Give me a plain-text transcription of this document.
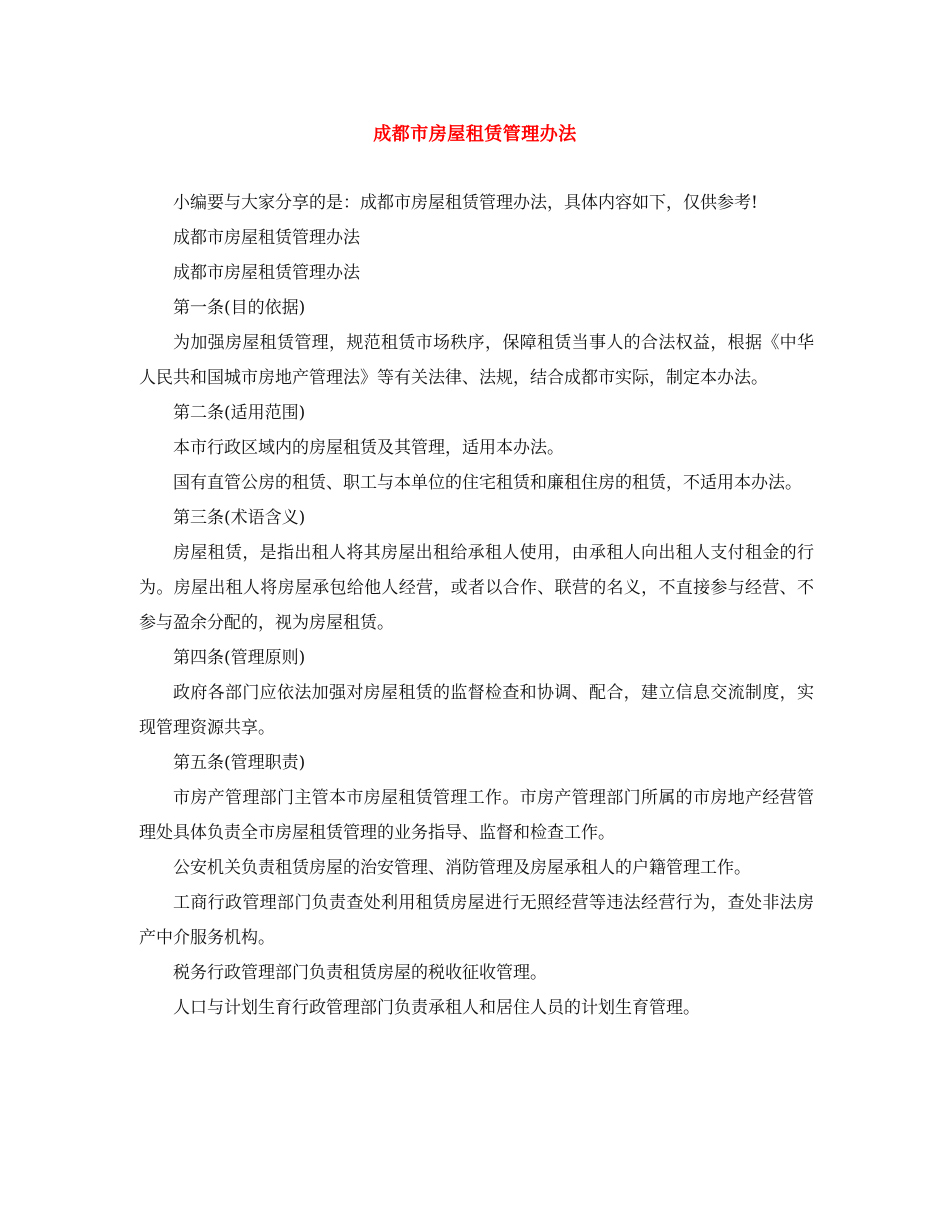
成都市房屋租赁管理办法

小编要与大家分享的是：成都市房屋租赁管理办法，具体内容如下，仅供参考!

成都市房屋租赁管理办法

成都市房屋租赁管理办法

第一条(目的依据)

为加强房屋租赁管理，规范租赁市场秩序，保障租赁当事人的合法权益，根据《中华人民共和国城市房地产管理法》等有关法律、法规，结合成都市实际，制定本办法。

第二条(适用范围)

本市行政区域内的房屋租赁及其管理，适用本办法。

国有直管公房的租赁、职工与本单位的住宅租赁和廉租住房的租赁，不适用本办法。

第三条(术语含义)

房屋租赁，是指出租人将其房屋出租给承租人使用，由承租人向出租人支付租金的行为。房屋出租人将房屋承包给他人经营，或者以合作、联营的名义，不直接参与经营、不参与盈余分配的，视为房屋租赁。

第四条(管理原则)

政府各部门应依法加强对房屋租赁的监督检查和协调、配合，建立信息交流制度，实现管理资源共享。

第五条(管理职责)

市房产管理部门主管本市房屋租赁管理工作。市房产管理部门所属的市房地产经营管理处具体负责全市房屋租赁管理的业务指导、监督和检查工作。

公安机关负责租赁房屋的治安管理、消防管理及房屋承租人的户籍管理工作。

工商行政管理部门负责查处利用租赁房屋进行无照经营等违法经营行为，查处非法房产中介服务机构。

税务行政管理部门负责租赁房屋的税收征收管理。

人口与计划生育行政管理部门负责承租人和居住人员的计划生育管理。
